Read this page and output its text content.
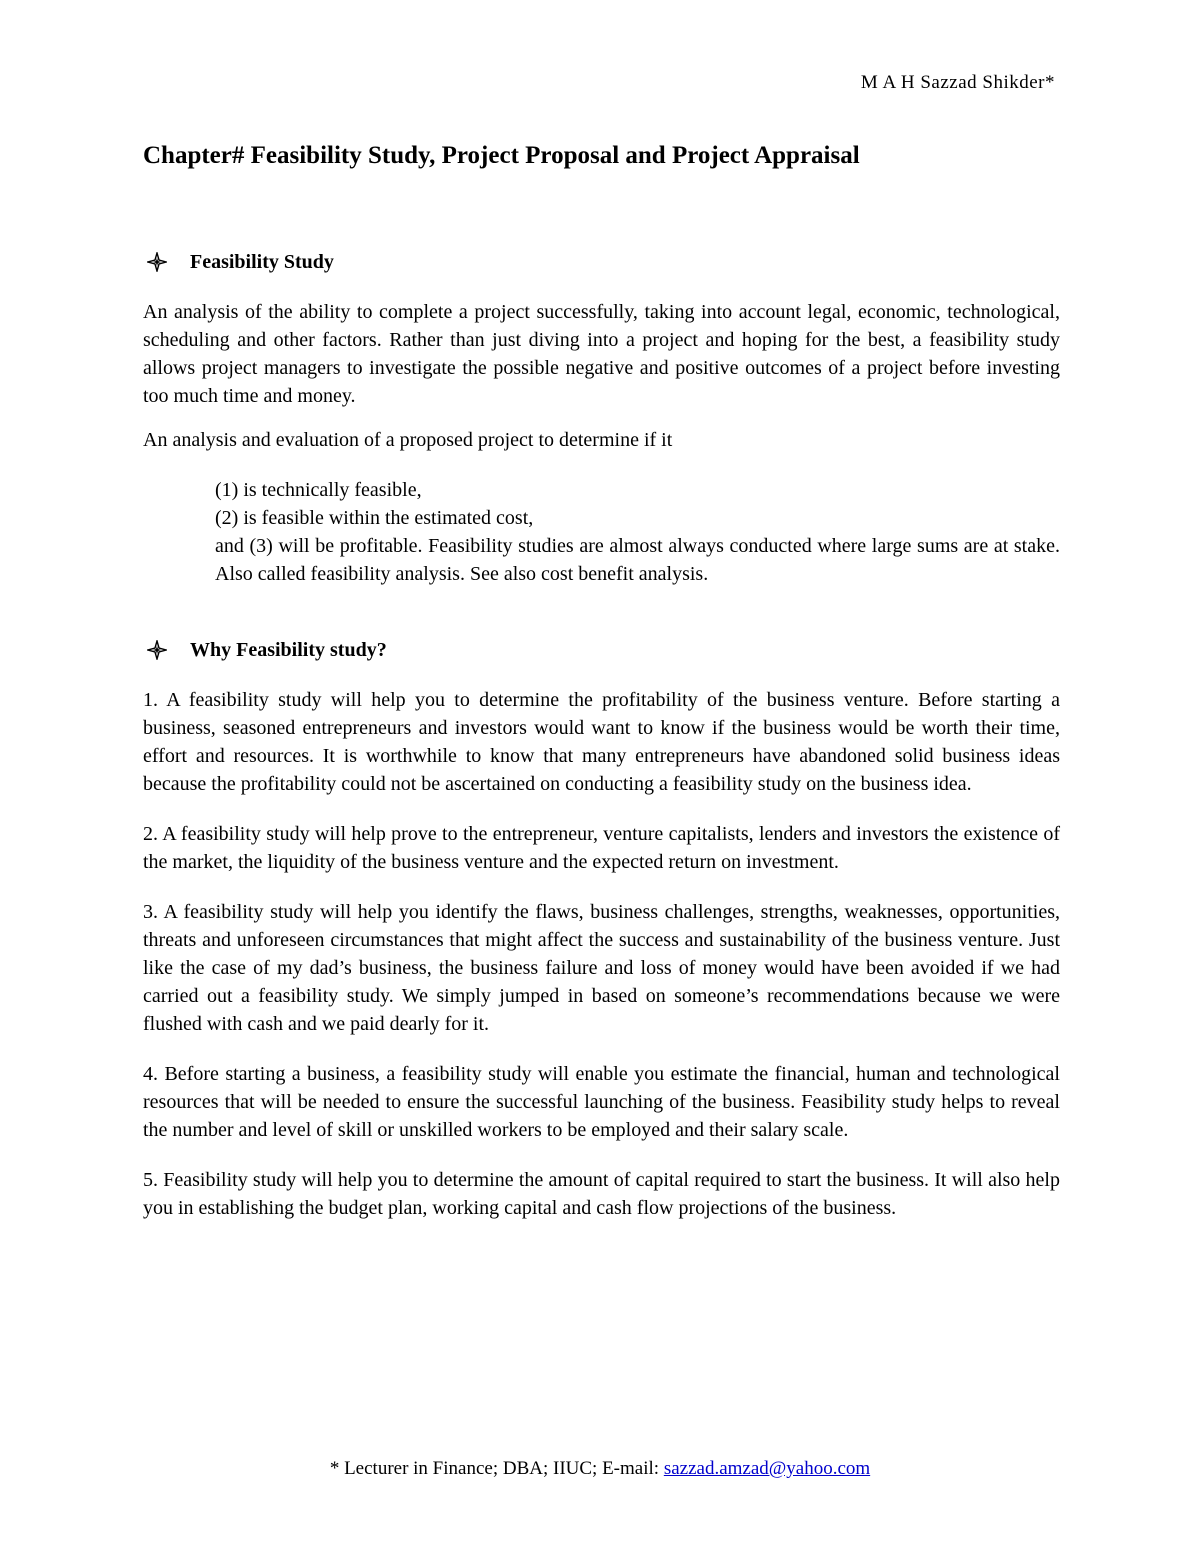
M A H Sazzad Shikder*
Chapter# Feasibility Study, Project Proposal and Project Appraisal
Feasibility Study

An analysis of the ability to complete a project successfully, taking into account legal, economic, technological, scheduling and other factors. Rather than just diving into a project and hoping for the best, a feasibility study allows project managers to investigate the possible negative and positive outcomes of a project before investing too much time and money.

An analysis and evaluation of a proposed project to determine if it

(1) is technically feasible,
(2) is feasible within the estimated cost,
and (3) will be profitable. Feasibility studies are almost always conducted where large sums are at stake. Also called feasibility analysis. See also cost benefit analysis.
Why Feasibility study?

1. A feasibility study will help you to determine the profitability of the business venture. Before starting a business, seasoned entrepreneurs and investors would want to know if the business would be worth their time, effort and resources. It is worthwhile to know that many entrepreneurs have abandoned solid business ideas because the profitability could not be ascertained on conducting a feasibility study on the business idea.

2. A feasibility study will help prove to the entrepreneur, venture capitalists, lenders and investors the existence of the market, the liquidity of the business venture and the expected return on investment.

3. A feasibility study will help you identify the flaws, business challenges, strengths, weaknesses, opportunities, threats and unforeseen circumstances that might affect the success and sustainability of the business venture. Just like the case of my dad’s business, the business failure and loss of money would have been avoided if we had carried out a feasibility study. We simply jumped in based on someone’s recommendations because we were flushed with cash and we paid dearly for it.

4. Before starting a business, a feasibility study will enable you estimate the financial, human and technological resources that will be needed to ensure the successful launching of the business. Feasibility study helps to reveal the number and level of skill or unskilled workers to be employed and their salary scale.

5. Feasibility study will help you to determine the amount of capital required to start the business. It will also help you in establishing the budget plan, working capital and cash flow projections of the business.

* Lecturer in Finance; DBA; IIUC; E-mail: sazzad.amzad@yahoo.com
